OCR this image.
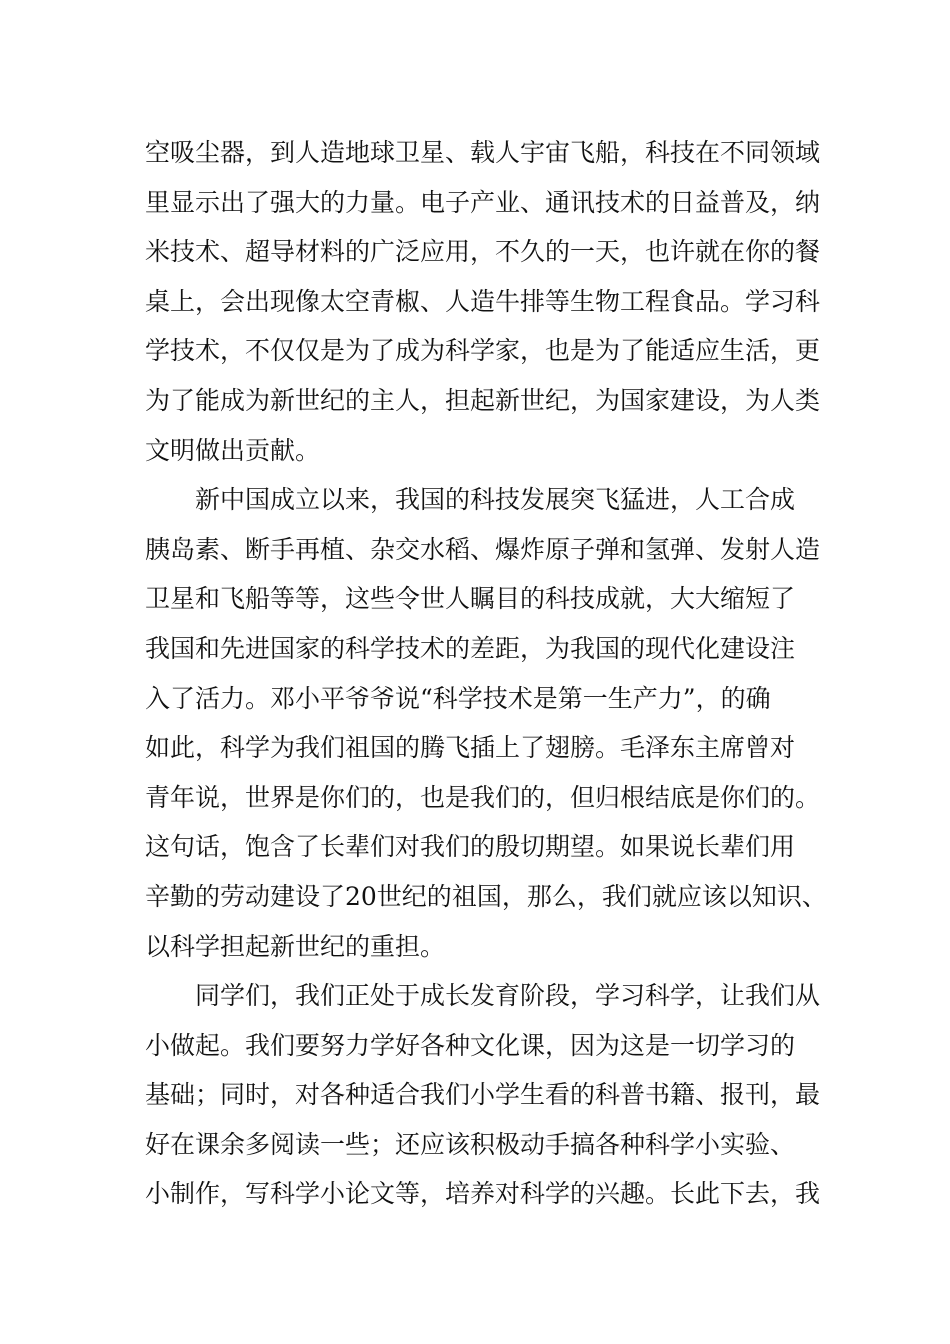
空吸尘器，到人造地球卫星、载人宇宙飞船，科技在不同领域
里显示出了强大的力量。电子产业、通讯技术的日益普及，纳
米技术、超导材料的广泛应用，不久的一天，也许就在你的餐
桌上，会出现像太空青椒、人造牛排等生物工程食品。学习科
学技术，不仅仅是为了成为科学家，也是为了能适应生活，更
为了能成为新世纪的主人，担起新世纪，为国家建设，为人类
文明做出贡献。
新中国成立以来，我国的科技发展突飞猛进，人工合成
胰岛素、断手再植、杂交水稻、爆炸原子弹和氢弹、发射人造
卫星和飞船等等，这些令世人瞩目的科技成就，大大缩短了
我国和先进国家的科学技术的差距，为我国的现代化建设注
入了活力。邓小平爷爷说“科学技术是第一生产力”，的确
如此，科学为我们祖国的腾飞插上了翅膀。毛泽东主席曾对
青年说，世界是你们的，也是我们的，但归根结底是你们的。
这句话，饱含了长辈们对我们的殷切期望。如果说长辈们用
辛勤的劳动建设了20世纪的祖国，那么，我们就应该以知识、
以科学担起新世纪的重担。
同学们，我们正处于成长发育阶段，学习科学，让我们从
小做起。我们要努力学好各种文化课，因为这是一切学习的
基础；同时，对各种适合我们小学生看的科普书籍、报刊，最
好在课余多阅读一些；还应该积极动手搞各种科学小实验、
小制作，写科学小论文等，培养对科学的兴趣。长此下去，我
